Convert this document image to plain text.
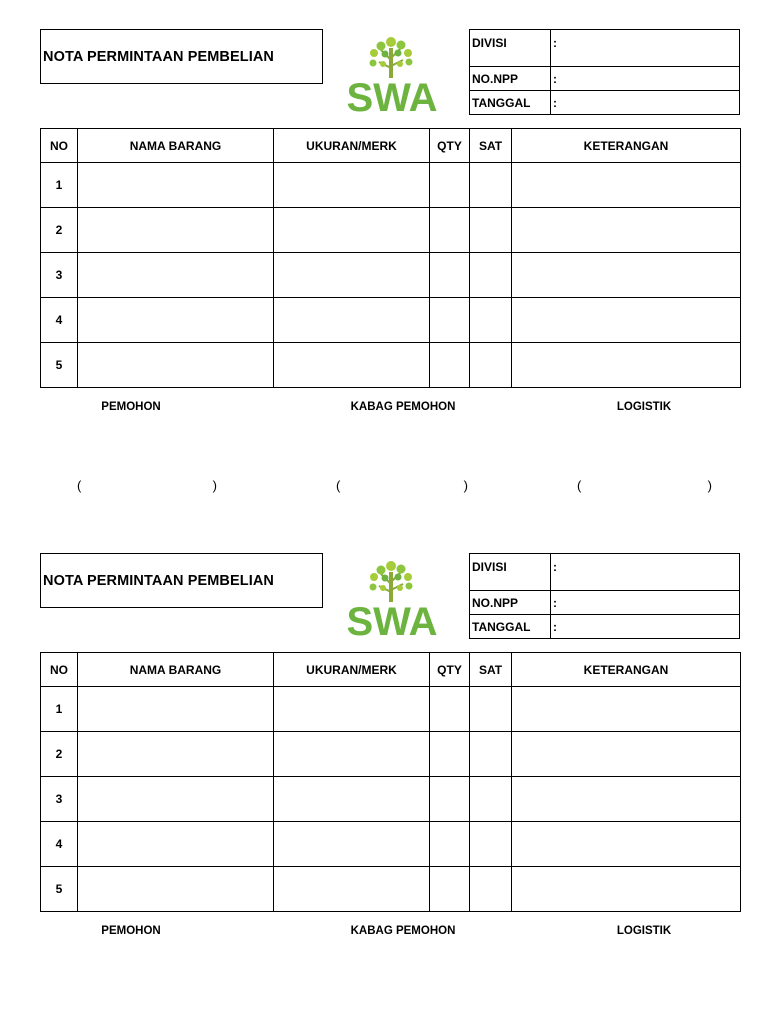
NOTA PERMINTAAN PEMBELIAN
SWA
DIVISI	:
NO.NPP	:
TANGGAL	:
NO	NAMA BARANG	UKURAN/MERK	QTY	SAT	KETERANGAN
1					
2					
3					
4					
5					
PEMOHON	KABAG PEMOHON	LOGISTIK
(	)	(	)	(	)
NOTA PERMINTAAN PEMBELIAN
SWA
DIVISI	:
NO.NPP	:
TANGGAL	:
NO	NAMA BARANG	UKURAN/MERK	QTY	SAT	KETERANGAN
1					
2					
3					
4					
5					
PEMOHON	KABAG PEMOHON	LOGISTIK
